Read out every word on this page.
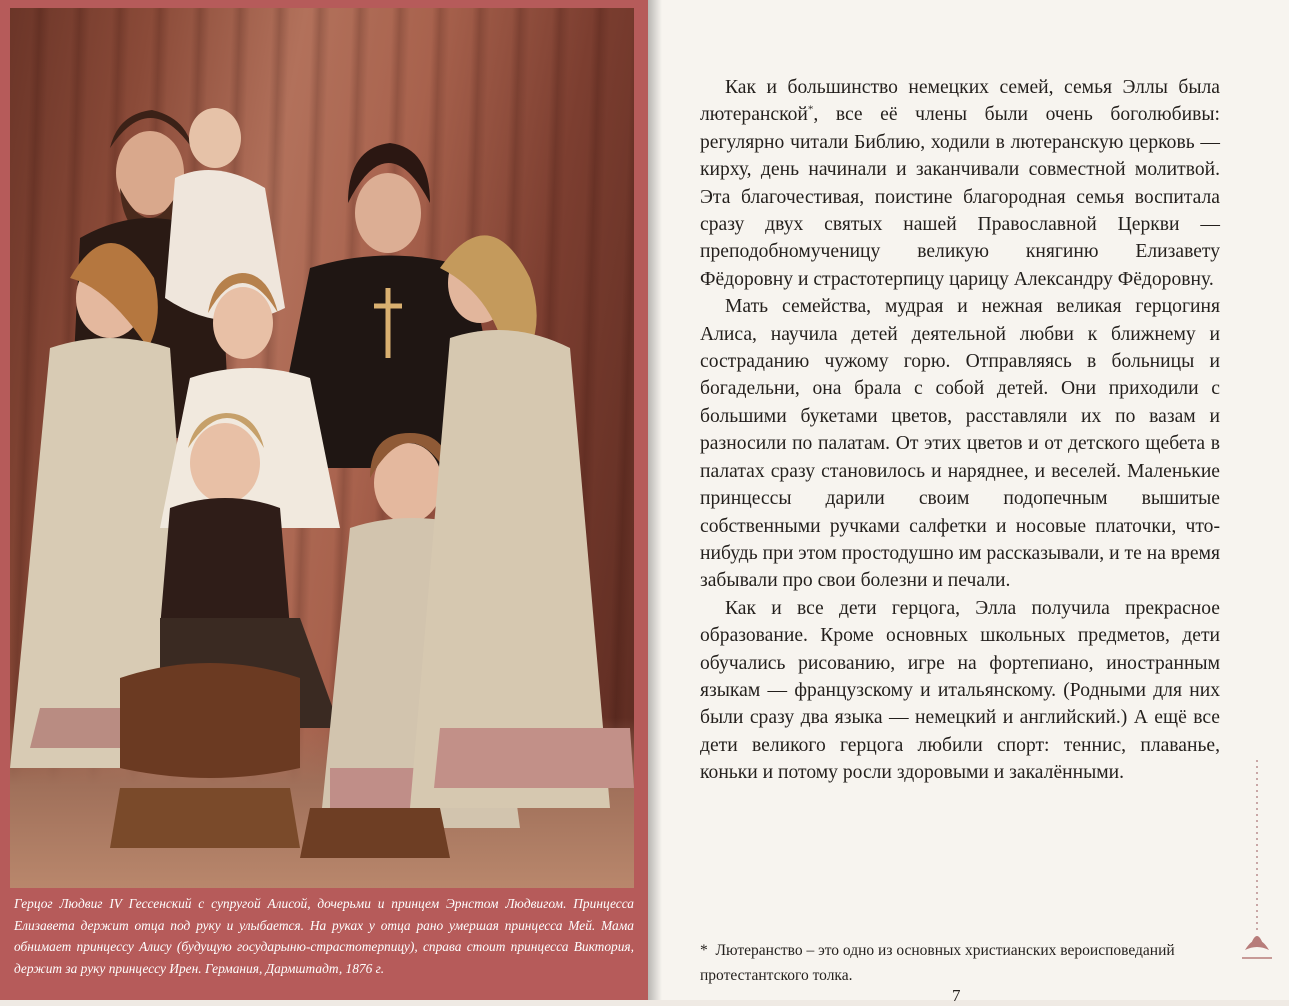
Герцог Людвиг IV Гессенский с супругой Алисой, дочерьми и принцем Эрнстом Людвигом. Принцесса Елизавета держит отца под руку и улыбается. На руках у отца рано умершая принцесса Мей. Мама обнимает принцессу Алису (будущую государыню-страстотерпицу), справа стоит принцесса Виктория, держит за руку принцессу Ирен. Германия, Дармштадт, 1876 г.

Как и большинство немецких семей, семья Эллы была лютеранской*, все её члены были очень боголюбивы: регулярно читали Библию, ходили в лютеранскую церковь — кирху, день начинали и заканчивали совместной молитвой. Эта благочестивая, поистине благородная семья воспитала сразу двух святых нашей Православной Церкви — преподобномученицу великую княгиню Елизавету Фёдоровну и страстотерпицу царицу Александру Фёдоровну.

Мать семейства, мудрая и нежная великая герцогиня Алиса, научила детей деятельной любви к ближнему и состраданию чужому горю. Отправляясь в больницы и богадельни, она брала с собой детей. Они приходили с большими букетами цветов, расставляли их по вазам и разносили по палатам. От этих цветов и от детского щебета в палатах сразу становилось и наряднее, и веселей. Маленькие принцессы дарили своим подопечным вышитые собственными ручками салфетки и носовые платочки, что-нибудь при этом простодушно им рассказывали, и те на время забывали про свои болезни и печали.

Как и все дети герцога, Элла получила прекрасное образование. Кроме основных школьных предметов, дети обучались рисованию, игре на фортепиано, иностранным языкам — французскому и итальянскому. (Родными для них были сразу два языка — немецкий и английский.) А ещё все дети великого герцога любили спорт: теннис, плаванье, коньки и потому росли здоровыми и закалёнными.

* Лютеранство – это одно из основных христианских вероисповеданий протестантского толка.

7
